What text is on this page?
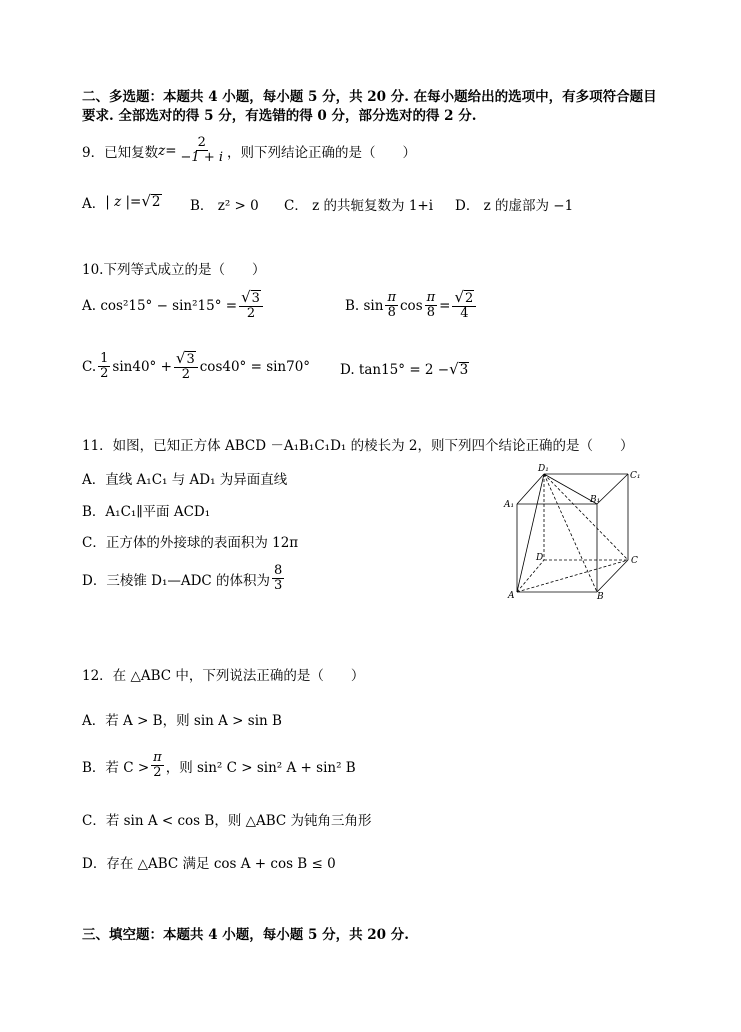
二、多选题：本题共 4 小题，每小题 5 分，共 20 分. 在每小题给出的选项中，有多项符合题目
要求. 全部选对的得 5 分，有选错的得 0 分，部分选对的得 2 分.
9．已知复数 $z = \frac{2}{-1 + i}$ ，则下列结论正确的是（　　）
A． | z |= √ 2 B． z² > 0 C． z 的共轭复数为 1+i D． z 的虚部为 −1
10.下列等式成立的是（　　）
A. $\cos^215^\circ - \sin^215^\circ = \frac{√ 3}{2}$	B. $\sin \frac{\pi}{8}$ $\cos \frac{\pi}{8} = \frac{√ 2}{4}$
C. $\frac{1}{2} \sin 40^\circ + \frac{√ 3}{2} \cos 40^\circ = \sin 70^\circ$ D. tan15° = 2 − √ 3
11．如图，已知正方体 ABCD －A₁B₁C₁D₁ 的棱长为 2，则下列四个结论正确的是（　　）
A．直线 A₁C₁ 与 AD₁ 为异面直线
B．A₁C₁∥平面 ACD₁
C．正方体的外接球的表面积为 12π
D．三棱锥 D₁—ADC 的体积为 $\frac{8}{3}$
D₁
C₁
A₁	B₁
D	C
A	B
12．在 △ABC 中，下列说法正确的是（　　）
A．若 A > B，则 sin A > sin B
B．若 $C > \frac{\pi}{2}$ ，则 sin² C > sin² A + sin² B
C．若 sin A < cos B，则 △ABC 为钝角三角形
D．存在 △ABC 满足 cos A + cos B ≤ 0
三、填空题：本题共 4 小题，每小题 5 分，共 20 分.
